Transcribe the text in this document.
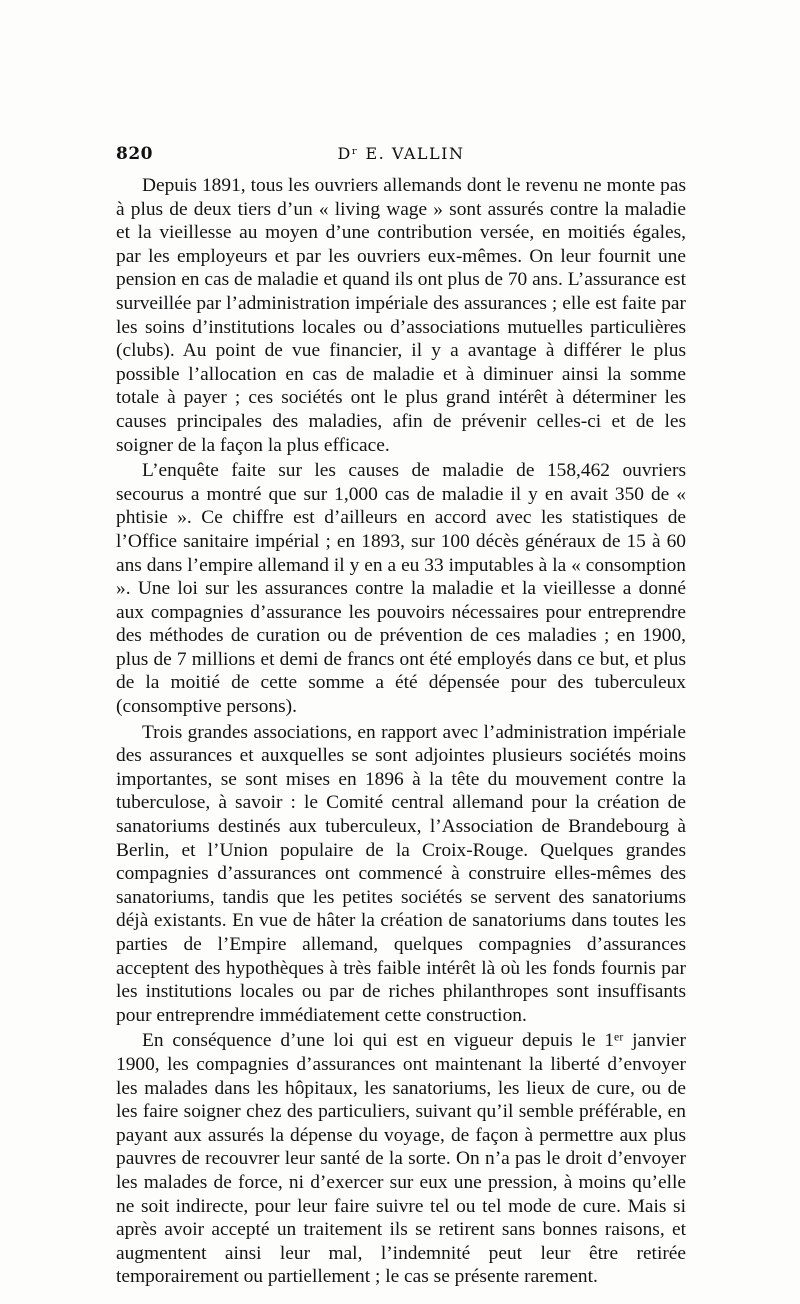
820	Dʳ E. VALLIN

Depuis 1891, tous les ouvriers allemands dont le revenu ne monte pas à plus de deux tiers d’un « living wage » sont assurés contre la maladie et la vieillesse au moyen d’une contribution versée, en moitiés égales, par les employeurs et par les ouvriers eux-mêmes. On leur fournit une pension en cas de maladie et quand ils ont plus de 70 ans. L’assurance est surveillée par l’administration impériale des assurances ; elle est faite par les soins d’institutions locales ou d’associations mutuelles particulières (clubs). Au point de vue financier, il y a avantage à différer le plus possible l’allocation en cas de maladie et à diminuer ainsi la somme totale à payer ; ces sociétés ont le plus grand intérêt à déterminer les causes principales des maladies, afin de prévenir celles-ci et de les soigner de la façon la plus efficace.

L’enquête faite sur les causes de maladie de 158,462 ouvriers secourus a montré que sur 1,000 cas de maladie il y en avait 350 de « phtisie ». Ce chiffre est d’ailleurs en accord avec les statistiques de l’Office sanitaire impérial ; en 1893, sur 100 décès généraux de 15 à 60 ans dans l’empire allemand il y en a eu 33 imputables à la « consomption ». Une loi sur les assurances contre la maladie et la vieillesse a donné aux compagnies d’assurance les pouvoirs nécessaires pour entreprendre des méthodes de curation ou de prévention de ces maladies ; en 1900, plus de 7 millions et demi de francs ont été employés dans ce but, et plus de la moitié de cette somme a été dépensée pour des tuberculeux (consomptive persons).

Trois grandes associations, en rapport avec l’administration impériale des assurances et auxquelles se sont adjointes plusieurs sociétés moins importantes, se sont mises en 1896 à la tête du mouvement contre la tuberculose, à savoir : le Comité central allemand pour la création de sanatoriums destinés aux tuberculeux, l’Association de Brandebourg à Berlin, et l’Union populaire de la Croix-Rouge. Quelques grandes compagnies d’assurances ont commencé à construire elles-mêmes des sanatoriums, tandis que les petites sociétés se servent des sanatoriums déjà existants. En vue de hâter la création de sanatoriums dans toutes les parties de l’Empire allemand, quelques compagnies d’assurances acceptent des hypothèques à très faible intérêt là où les fonds fournis par les institutions locales ou par de riches philanthropes sont insuffisants pour entreprendre immédiatement cette construction.

En conséquence d’une loi qui est en vigueur depuis le 1ᵉʳ janvier 1900, les compagnies d’assurances ont maintenant la liberté d’envoyer les malades dans les hôpitaux, les sanatoriums, les lieux de cure, ou de les faire soigner chez des particuliers, suivant qu’il semble préférable, en payant aux assurés la dépense du voyage, de façon à permettre aux plus pauvres de recouvrer leur santé de la sorte. On n’a pas le droit d’envoyer les malades de force, ni d’exercer sur eux une pression, à moins qu’elle ne soit indirecte, pour leur faire suivre tel ou tel mode de cure. Mais si après avoir accepté un traitement ils se retirent sans bonnes raisons, et augmentent ainsi leur mal, l’indemnité peut leur être retirée temporairement ou partiellement ; le cas se présente rarement.
